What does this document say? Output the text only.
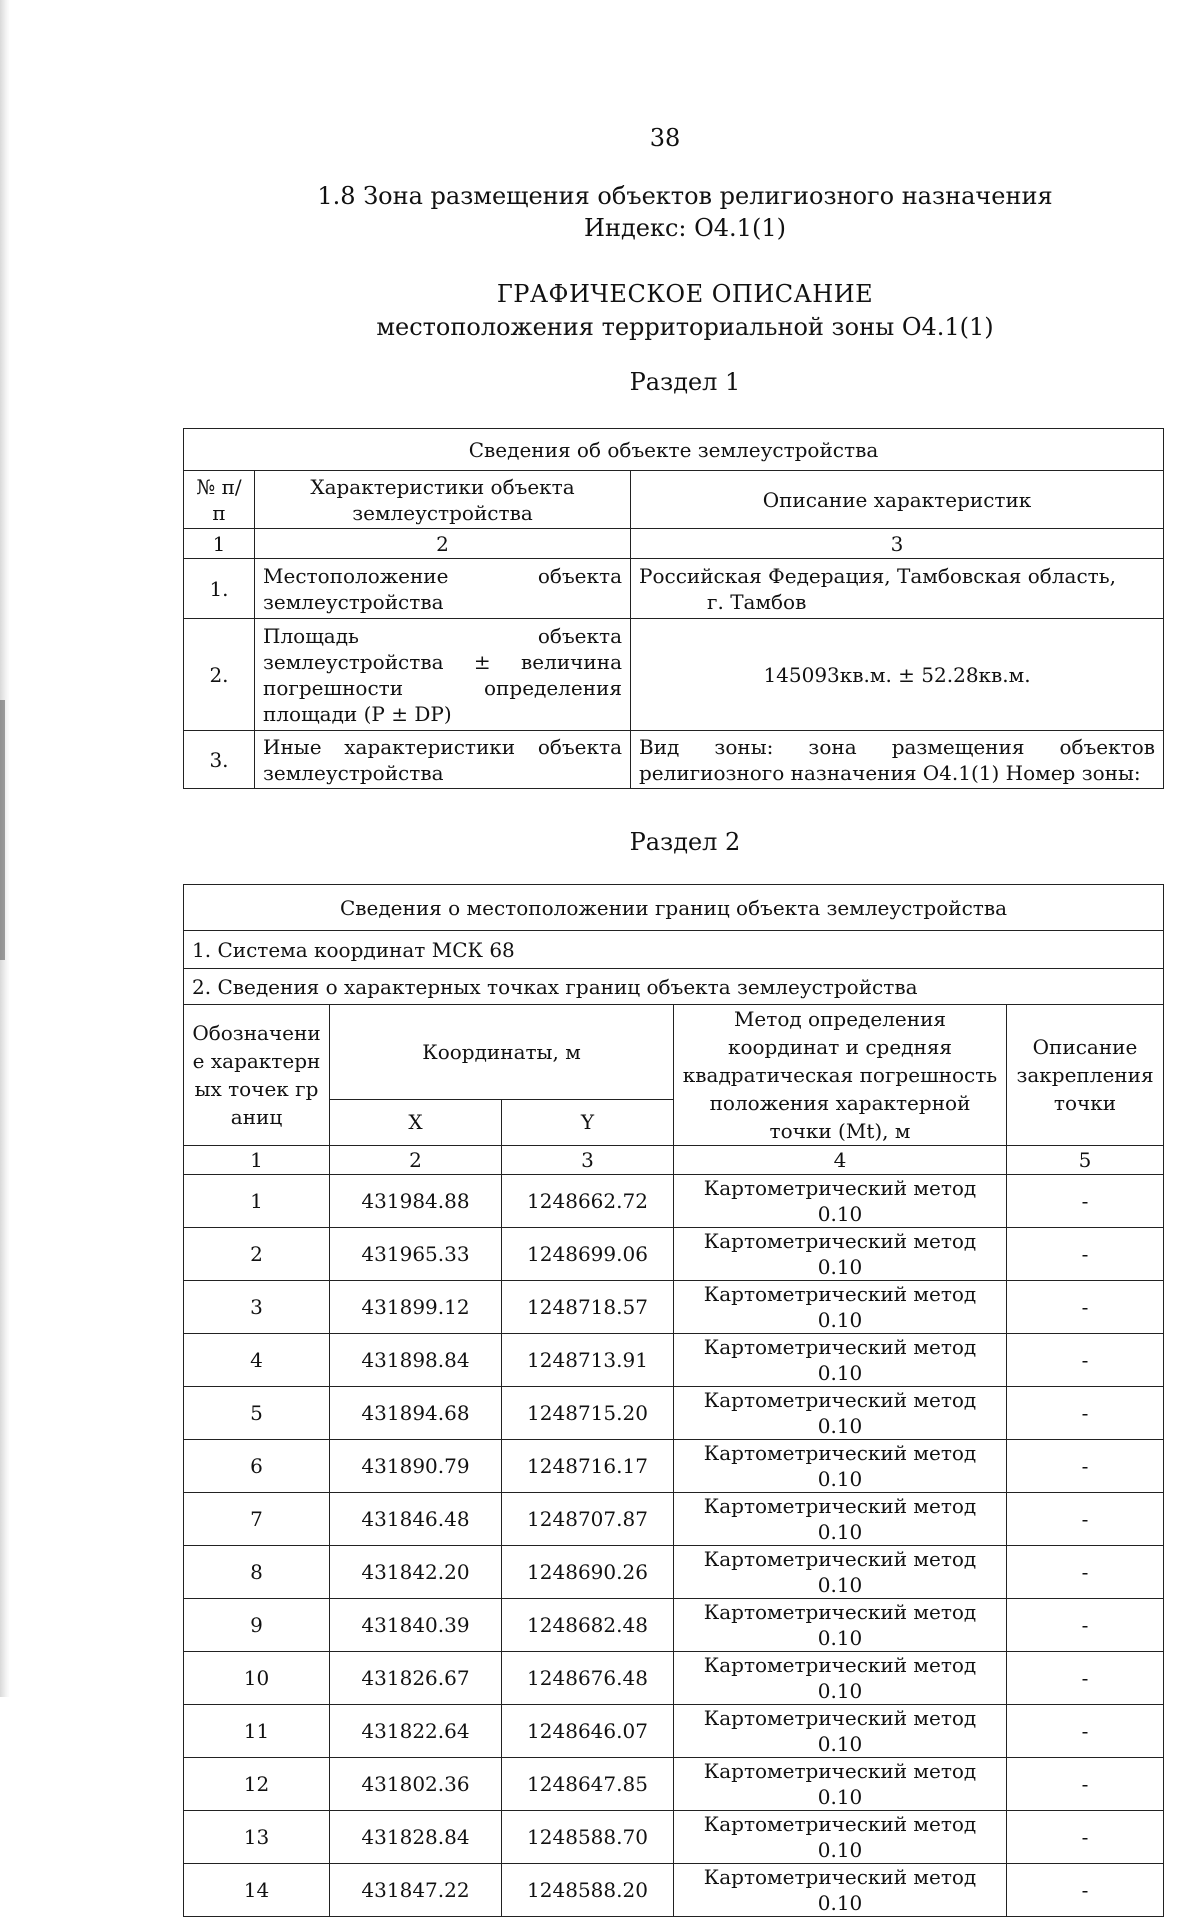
38
1.8 Зона размещения объектов религиозного назначения
Индекс: О4.1(1)
ГРАФИЧЕСКОЕ ОПИСАНИЕ
местоположения территориальной зоны О4.1(1)
Раздел 1
Сведения об объекте землеустройства		
№ п/п	Характеристики объекта землеустройства	Описание характеристик
1	2	3
1.	Местоположение объекта землеустройства	Российская Федерация, Тамбовская область,
г. Тамбов

2.	Площадь объекта землеустройства ± величина погрешности определения площади (Р ± DР)	145093кв.м. ± 52.28кв.м.
3.	Иные характеристики объекта землеустройства	Вид зоны: зона размещения объектов религиозного назначения О4.1(1) Номер зоны:
Раздел 2
Сведения о местоположении границ объекта землеустройства				
1. Система координат МСК 68				
2. Сведения о характерных точках границ объекта землеустройства				
Обозначение характерных точек границ	Координаты, м		Метод определения координат и средняя квадратическая погрешность положения характерной точки (Мt), м	Описание закрепления точки
	X	Y		
1	2	3	4	5
1	431984.88	1248662.72	Картометрический метод 0.10	-
2	431965.33	1248699.06	Картометрический метод 0.10	-
3	431899.12	1248718.57	Картометрический метод 0.10	-
4	431898.84	1248713.91	Картометрический метод 0.10	-
5	431894.68	1248715.20	Картометрический метод 0.10	-
6	431890.79	1248716.17	Картометрический метод 0.10	-
7	431846.48	1248707.87	Картометрический метод 0.10	-
8	431842.20	1248690.26	Картометрический метод 0.10	-
9	431840.39	1248682.48	Картометрический метод 0.10	-
10	431826.67	1248676.48	Картометрический метод 0.10	-
11	431822.64	1248646.07	Картометрический метод 0.10	-
12	431802.36	1248647.85	Картометрический метод 0.10	-
13	431828.84	1248588.70	Картометрический метод 0.10	-
14	431847.22	1248588.20	Картометрический метод 0.10	-
